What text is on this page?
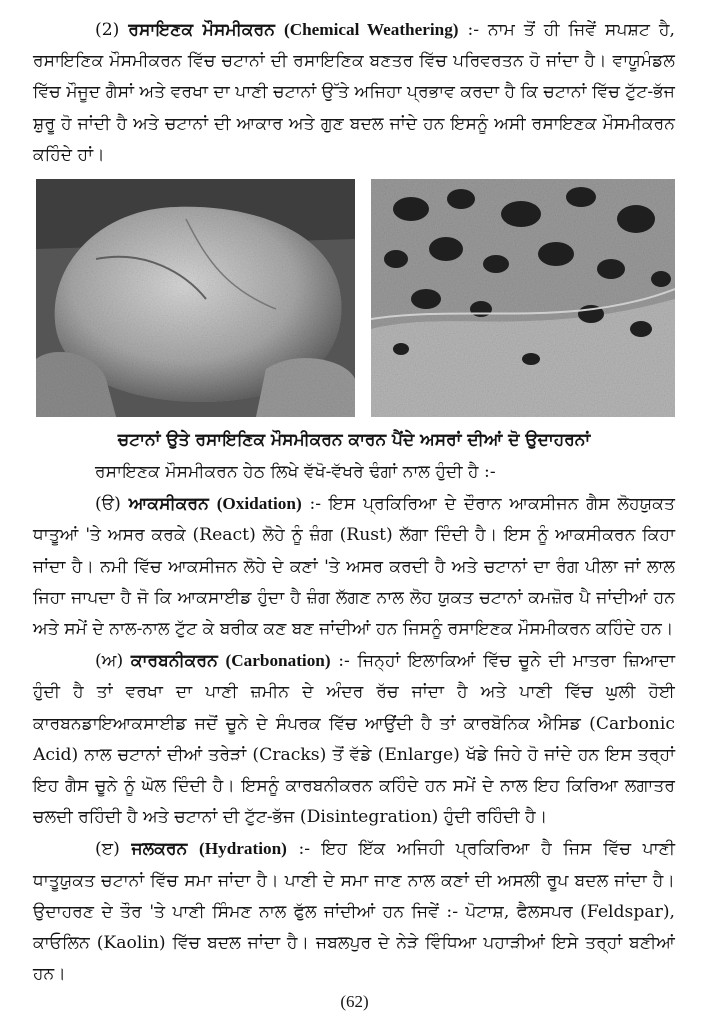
(2) ਰਸਾਇਣਕ ਮੌਸਮੀਕਰਨ (Chemical Weathering) :- ਨਾਮ ਤੋਂ ਹੀ ਜਿਵੇਂ ਸਪਸ਼ਟ ਹੈ, ਰਸਾਇਣਿਕ ਮੌਸਮੀਕਰਨ ਵਿੱਚ ਚਟਾਨਾਂ ਦੀ ਰਸਾਇਣਿਕ ਬਣਤਰ ਵਿੱਚ ਪਰਿਵਰਤਨ ਹੋ ਜਾਂਦਾ ਹੈ। ਵਾਯੂਮੰਡਲ ਵਿੱਚ ਮੌਜੂਦ ਗੈਸਾਂ ਅਤੇ ਵਰਖਾ ਦਾ ਪਾਣੀ ਚਟਾਨਾਂ ਉੱਤੇ ਅਜਿਹਾ ਪ੍ਰਭਾਵ ਕਰਦਾ ਹੈ ਕਿ ਚਟਾਨਾਂ ਵਿੱਚ ਟੁੱਟ-ਭੱਜ ਸ਼ੁਰੂ ਹੋ ਜਾਂਦੀ ਹੈ ਅਤੇ ਚਟਾਨਾਂ ਦੀ ਆਕਾਰ ਅਤੇ ਗੁਣ ਬਦਲ ਜਾਂਦੇ ਹਨ ਇਸਨੂੰ ਅਸੀ ਰਸਾਇਣਕ ਮੌਸਮੀਕਰਨ ਕਹਿੰਦੇ ਹਾਂ।

ਚਟਾਨਾਂ ਉਤੇ ਰਸਾਇਣਿਕ ਮੌਸਮੀਕਰਨ ਕਾਰਨ ਪੈਂਦੇ ਅਸਰਾਂ ਦੀਆਂ ਦੋ ਉਦਾਹਰਨਾਂ

ਰਸਾਇਣਕ ਮੌਸਮੀਕਰਨ ਹੇਠ ਲਿਖੇ ਵੱਖੋ-ਵੱਖਰੇ ਢੰਗਾਂ ਨਾਲ ਹੁੰਦੀ ਹੈ :-

(ੳ) ਆਕਸੀਕਰਨ (Oxidation) :- ਇਸ ਪ੍ਰਕਿਰਿਆ ਦੇ ਦੌਰਾਨ ਆਕਸੀਜਨ ਗੈਸ ਲੋਹਯੁਕਤ ਧਾਤੂਆਂ 'ਤੇ ਅਸਰ ਕਰਕੇ (React) ਲੋਹੇ ਨੂੰ ਜ਼ੰਗ (Rust) ਲੱਗਾ ਦਿੰਦੀ ਹੈ। ਇਸ ਨੂੰ ਆਕਸੀਕਰਨ ਕਿਹਾ ਜਾਂਦਾ ਹੈ। ਨਮੀ ਵਿੱਚ ਆਕਸੀਜਨ ਲੋਹੇ ਦੇ ਕਣਾਂ 'ਤੇ ਅਸਰ ਕਰਦੀ ਹੈ ਅਤੇ ਚਟਾਨਾਂ ਦਾ ਰੰਗ ਪੀਲਾ ਜਾਂ ਲਾਲ ਜਿਹਾ ਜਾਪਦਾ ਹੈ ਜੋ ਕਿ ਆਕਸਾਈਡ ਹੁੰਦਾ ਹੈ ਜ਼ੰਗ ਲੱਗਣ ਨਾਲ ਲੋਹ ਯੁਕਤ ਚਟਾਨਾਂ ਕਮਜ਼ੋਰ ਪੈ ਜਾਂਦੀਆਂ ਹਨ ਅਤੇ ਸਮੇਂ ਦੇ ਨਾਲ-ਨਾਲ ਟੁੱਟ ਕੇ ਬਰੀਕ ਕਣ ਬਣ ਜਾਂਦੀਆਂ ਹਨ ਜਿਸਨੂੰ ਰਸਾਇਣਕ ਮੌਸਮੀਕਰਨ ਕਹਿੰਦੇ ਹਨ।

(ਅ) ਕਾਰਬਨੀਕਰਨ (Carbonation) :- ਜਿਨ੍ਹਾਂ ਇਲਾਕਿਆਂ ਵਿੱਚ ਚੂਨੇ ਦੀ ਮਾਤਰਾ ਜ਼ਿਆਦਾ ਹੁੰਦੀ ਹੈ ਤਾਂ ਵਰਖਾ ਦਾ ਪਾਣੀ ਜ਼ਮੀਨ ਦੇ ਅੰਦਰ ਰੱਚ ਜਾਂਦਾ ਹੈ ਅਤੇ ਪਾਣੀ ਵਿੱਚ ਘੁਲੀ ਹੋਈ ਕਾਰਬਨਡਾਇਆਕਸਾਈਡ ਜਦੋਂ ਚੂਨੇ ਦੇ ਸੰਪਰਕ ਵਿੱਚ ਆਉਂਦੀ ਹੈ ਤਾਂ ਕਾਰਬੋਨਿਕ ਐਸਿਡ (Carbonic Acid) ਨਾਲ ਚਟਾਨਾਂ ਦੀਆਂ ਤਰੇੜਾਂ (Cracks) ਤੋਂ ਵੱਡੇ (Enlarge) ਖੱਡੇ ਜਿਹੇ ਹੋ ਜਾਂਦੇ ਹਨ ਇਸ ਤਰ੍ਹਾਂ ਇਹ ਗੈਸ ਚੂਨੇ ਨੂੰ ਘੋਲ ਦਿੰਦੀ ਹੈ। ਇਸਨੂੰ ਕਾਰਬਨੀਕਰਨ ਕਹਿੰਦੇ ਹਨ ਸਮੇਂ ਦੇ ਨਾਲ ਇਹ ਕਿਰਿਆ ਲਗਾਤਰ ਚਲਦੀ ਰਹਿੰਦੀ ਹੈ ਅਤੇ ਚਟਾਨਾਂ ਦੀ ਟੁੱਟ-ਭੱਜ (Disintegration) ਹੁੰਦੀ ਰਹਿੰਦੀ ਹੈ।

(ੲ) ਜਲਕਰਨ (Hydration) :- ਇਹ ਇੱਕ ਅਜਿਹੀ ਪ੍ਰਕਿਰਿਆ ਹੈ ਜਿਸ ਵਿੱਚ ਪਾਣੀ ਧਾਤੂਯੁਕਤ ਚਟਾਨਾਂ ਵਿੱਚ ਸਮਾ ਜਾਂਦਾ ਹੈ। ਪਾਣੀ ਦੇ ਸਮਾ ਜਾਣ ਨਾਲ ਕਣਾਂ ਦੀ ਅਸਲੀ ਰੂਪ ਬਦਲ ਜਾਂਦਾ ਹੈ। ਉਦਾਹਰਣ ਦੇ ਤੌਰ 'ਤੇ ਪਾਣੀ ਸਿੰਮਣ ਨਾਲ ਫੁੱਲ ਜਾਂਦੀਆਂ ਹਨ ਜਿਵੇਂ :- ਪੋਟਾਸ਼, ਫੈਲਸਪਰ (Feldspar), ਕਾਓਲਿਨ (Kaolin) ਵਿੱਚ ਬਦਲ ਜਾਂਦਾ ਹੈ। ਜਬਲਪੁਰ ਦੇ ਨੇੜੇ ਵਿੰਧਿਆ ਪਹਾੜੀਆਂ ਇਸੇ ਤਰ੍ਹਾਂ ਬਣੀਆਂ ਹਨ।

(62)
